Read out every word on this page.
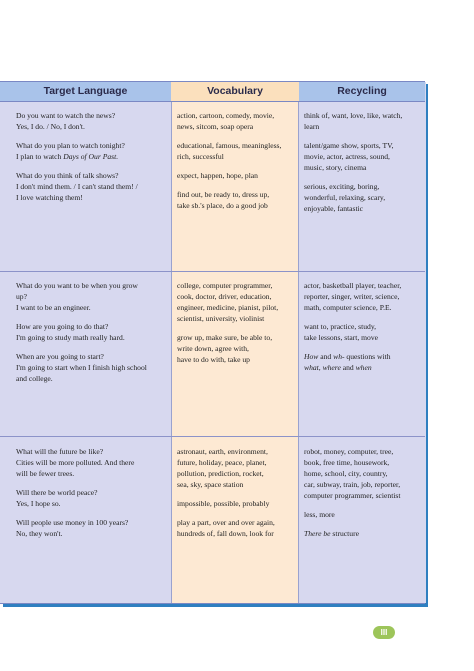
Target Language	Vocabulary	Recycling

Do you want to watch the news?
Yes, I do. / No, I don't.

What do you plan to watch tonight?
I plan to watch Days of Our Past.

What do you think of talk shows?
I don't mind them. / I can't stand them! /
I love watching them!

action, cartoon, comedy, movie,
news, sitcom, soap opera

educational, famous, meaningless,
rich, successful

expect, happen, hope, plan

find out, be ready to, dress up,
take sb.'s place, do a good job

think of, want, love, like, watch,
learn

talent/game show, sports, TV,
movie, actor, actress, sound,
music, story, cinema

serious, exciting, boring,
wonderful, relaxing, scary,
enjoyable, fantastic

What do you want to be when you grow
up?
I want to be an engineer.

How are you going to do that?
I'm going to study math really hard.

When are you going to start?
I'm going to start when I finish high school
and college.

college, computer programmer,
cook, doctor, driver, education,
engineer, medicine, pianist, pilot,
scientist, university, violinist

grow up, make sure, be able to,
write down, agree with,
have to do with, take up

actor, basketball player, teacher,
reporter, singer, writer, science,
math, computer science, P.E.

want to, practice, study,
take lessons, start, move

How and wh- questions with
what, where and when

What will the future be like?
Cities will be more polluted. And there
will be fewer trees.

Will there be world peace?
Yes, I hope so.

Will people use money in 100 years?
No, they won't.

astronaut, earth, environment,
future, holiday, peace, planet,
pollution, prediction, rocket,
sea, sky, space station

impossible, possible, probably

play a part, over and over again,
hundreds of, fall down, look for

robot, money, computer, tree,
book, free time, housework,
home, school, city, country,
car, subway, train, job, reporter,
computer programmer, scientist

less, more

There be structure

III
